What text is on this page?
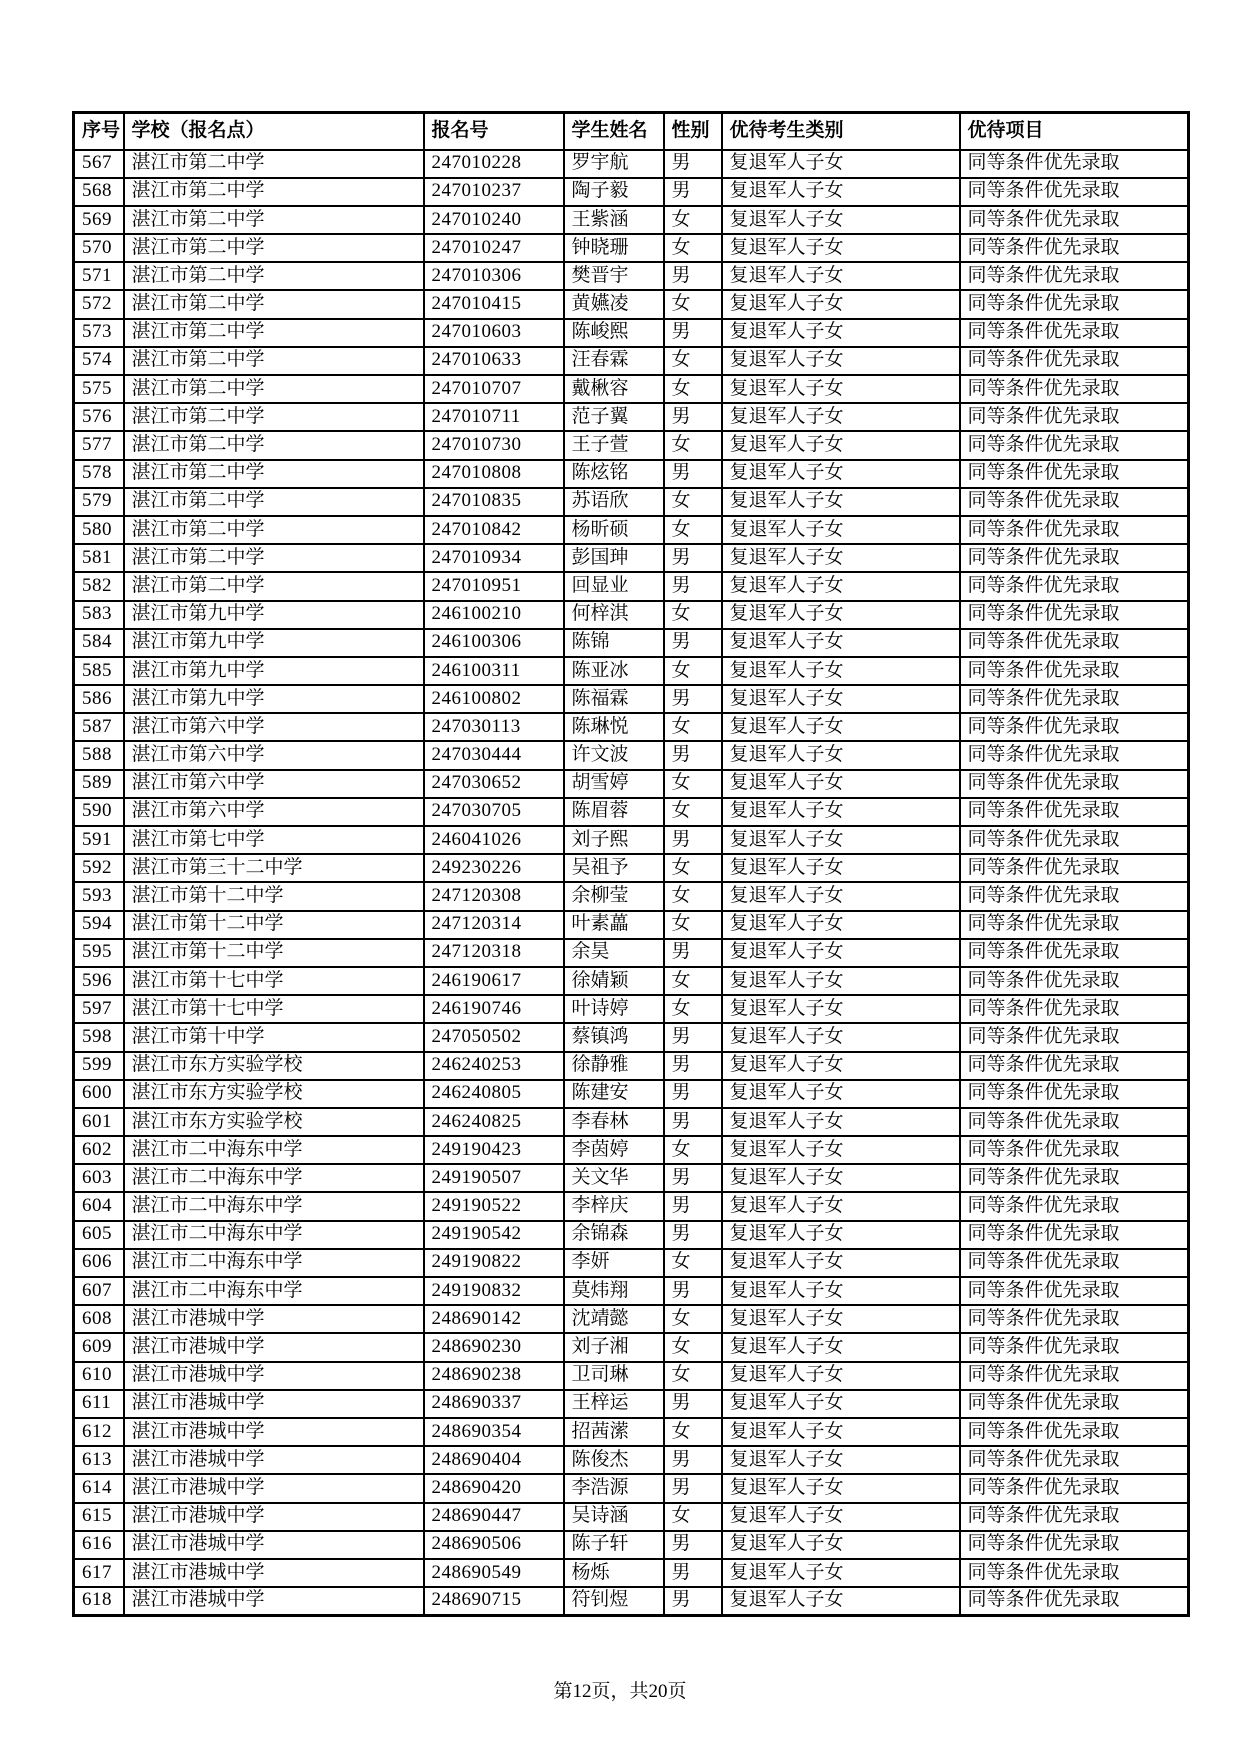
序号	学校（报名点）	报名号	学生姓名	性别	优待考生类别	优待项目
567	湛江市第二中学	247010228	罗宇航	男	复退军人子女	同等条件优先录取
568	湛江市第二中学	247010237	陶子毅	男	复退军人子女	同等条件优先录取
569	湛江市第二中学	247010240	王紫涵	女	复退军人子女	同等条件优先录取
570	湛江市第二中学	247010247	钟晓珊	女	复退军人子女	同等条件优先录取
571	湛江市第二中学	247010306	樊晋宇	男	复退军人子女	同等条件优先录取
572	湛江市第二中学	247010415	黄嬿凌	女	复退军人子女	同等条件优先录取
573	湛江市第二中学	247010603	陈峻熙	男	复退军人子女	同等条件优先录取
574	湛江市第二中学	247010633	汪春霖	女	复退军人子女	同等条件优先录取
575	湛江市第二中学	247010707	戴楸容	女	复退军人子女	同等条件优先录取
576	湛江市第二中学	247010711	范子翼	男	复退军人子女	同等条件优先录取
577	湛江市第二中学	247010730	王子萱	女	复退军人子女	同等条件优先录取
578	湛江市第二中学	247010808	陈炫铭	男	复退军人子女	同等条件优先录取
579	湛江市第二中学	247010835	苏语欣	女	复退军人子女	同等条件优先录取
580	湛江市第二中学	247010842	杨昕硕	女	复退军人子女	同等条件优先录取
581	湛江市第二中学	247010934	彭国珅	男	复退军人子女	同等条件优先录取
582	湛江市第二中学	247010951	回显业	男	复退军人子女	同等条件优先录取
583	湛江市第九中学	246100210	何梓淇	女	复退军人子女	同等条件优先录取
584	湛江市第九中学	246100306	陈锦	男	复退军人子女	同等条件优先录取
585	湛江市第九中学	246100311	陈亚冰	女	复退军人子女	同等条件优先录取
586	湛江市第九中学	246100802	陈福霖	男	复退军人子女	同等条件优先录取
587	湛江市第六中学	247030113	陈琳悦	女	复退军人子女	同等条件优先录取
588	湛江市第六中学	247030444	许文波	男	复退军人子女	同等条件优先录取
589	湛江市第六中学	247030652	胡雪婷	女	复退军人子女	同等条件优先录取
590	湛江市第六中学	247030705	陈眉蓉	女	复退军人子女	同等条件优先录取
591	湛江市第七中学	246041026	刘子熙	男	复退军人子女	同等条件优先录取
592	湛江市第三十二中学	249230226	吴祖予	女	复退军人子女	同等条件优先录取
593	湛江市第十二中学	247120308	余柳莹	女	复退军人子女	同等条件优先录取
594	湛江市第十二中学	247120314	叶素藟	女	复退军人子女	同等条件优先录取
595	湛江市第十二中学	247120318	余昊	男	复退军人子女	同等条件优先录取
596	湛江市第十七中学	246190617	徐婧颖	女	复退军人子女	同等条件优先录取
597	湛江市第十七中学	246190746	叶诗婷	女	复退军人子女	同等条件优先录取
598	湛江市第十中学	247050502	蔡镇鸿	男	复退军人子女	同等条件优先录取
599	湛江市东方实验学校	246240253	徐静雅	男	复退军人子女	同等条件优先录取
600	湛江市东方实验学校	246240805	陈建安	男	复退军人子女	同等条件优先录取
601	湛江市东方实验学校	246240825	李春林	男	复退军人子女	同等条件优先录取
602	湛江市二中海东中学	249190423	李茵婷	女	复退军人子女	同等条件优先录取
603	湛江市二中海东中学	249190507	关文华	男	复退军人子女	同等条件优先录取
604	湛江市二中海东中学	249190522	李梓庆	男	复退军人子女	同等条件优先录取
605	湛江市二中海东中学	249190542	余锦森	男	复退军人子女	同等条件优先录取
606	湛江市二中海东中学	249190822	李妍	女	复退军人子女	同等条件优先录取
607	湛江市二中海东中学	249190832	莫炜翔	男	复退军人子女	同等条件优先录取
608	湛江市港城中学	248690142	沈靖懿	女	复退军人子女	同等条件优先录取
609	湛江市港城中学	248690230	刘子湘	女	复退军人子女	同等条件优先录取
610	湛江市港城中学	248690238	卫司琳	女	复退军人子女	同等条件优先录取
611	湛江市港城中学	248690337	王梓运	男	复退军人子女	同等条件优先录取
612	湛江市港城中学	248690354	招茜潆	女	复退军人子女	同等条件优先录取
613	湛江市港城中学	248690404	陈俊杰	男	复退军人子女	同等条件优先录取
614	湛江市港城中学	248690420	李浩源	男	复退军人子女	同等条件优先录取
615	湛江市港城中学	248690447	吴诗涵	女	复退军人子女	同等条件优先录取
616	湛江市港城中学	248690506	陈子轩	男	复退军人子女	同等条件优先录取
617	湛江市港城中学	248690549	杨烁	男	复退军人子女	同等条件优先录取
618	湛江市港城中学	248690715	符钊煜	男	复退军人子女	同等条件优先录取
第12页，共20页
